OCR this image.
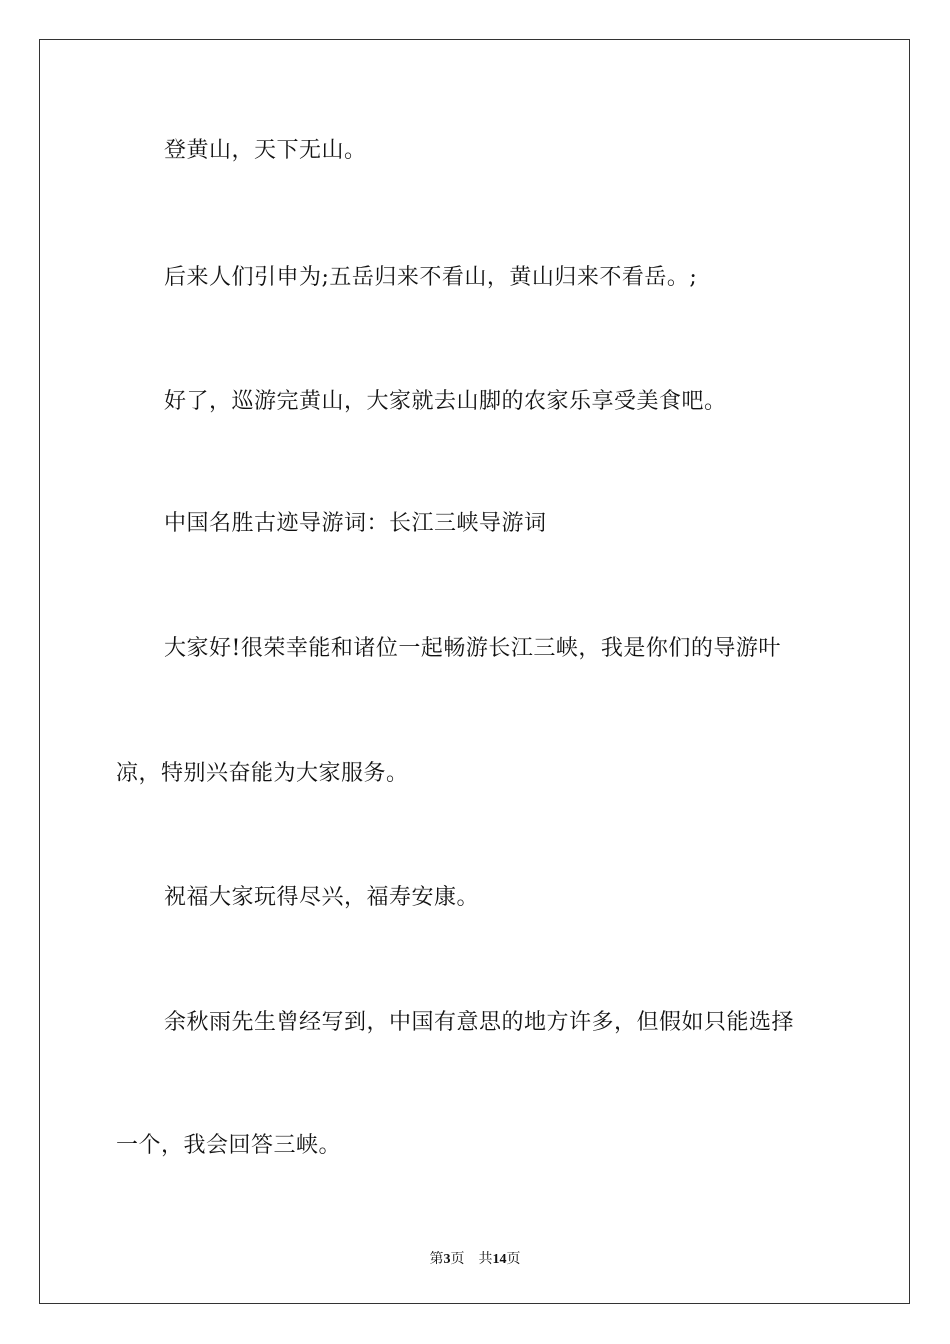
登黄山，天下无山。

后来人们引申为;五岳归来不看山，黄山归来不看岳。;

好了，巡游完黄山，大家就去山脚的农家乐享受美食吧。

中国名胜古迹导游词：长江三峡导游词

大家好!很荣幸能和诸位一起畅游长江三峡，我是你们的导游叶

凉，特别兴奋能为大家服务。

祝福大家玩得尽兴，福寿安康。

余秋雨先生曾经写到，中国有意思的地方许多，但假如只能选择

一个，我会回答三峡。

第3页 共14页
